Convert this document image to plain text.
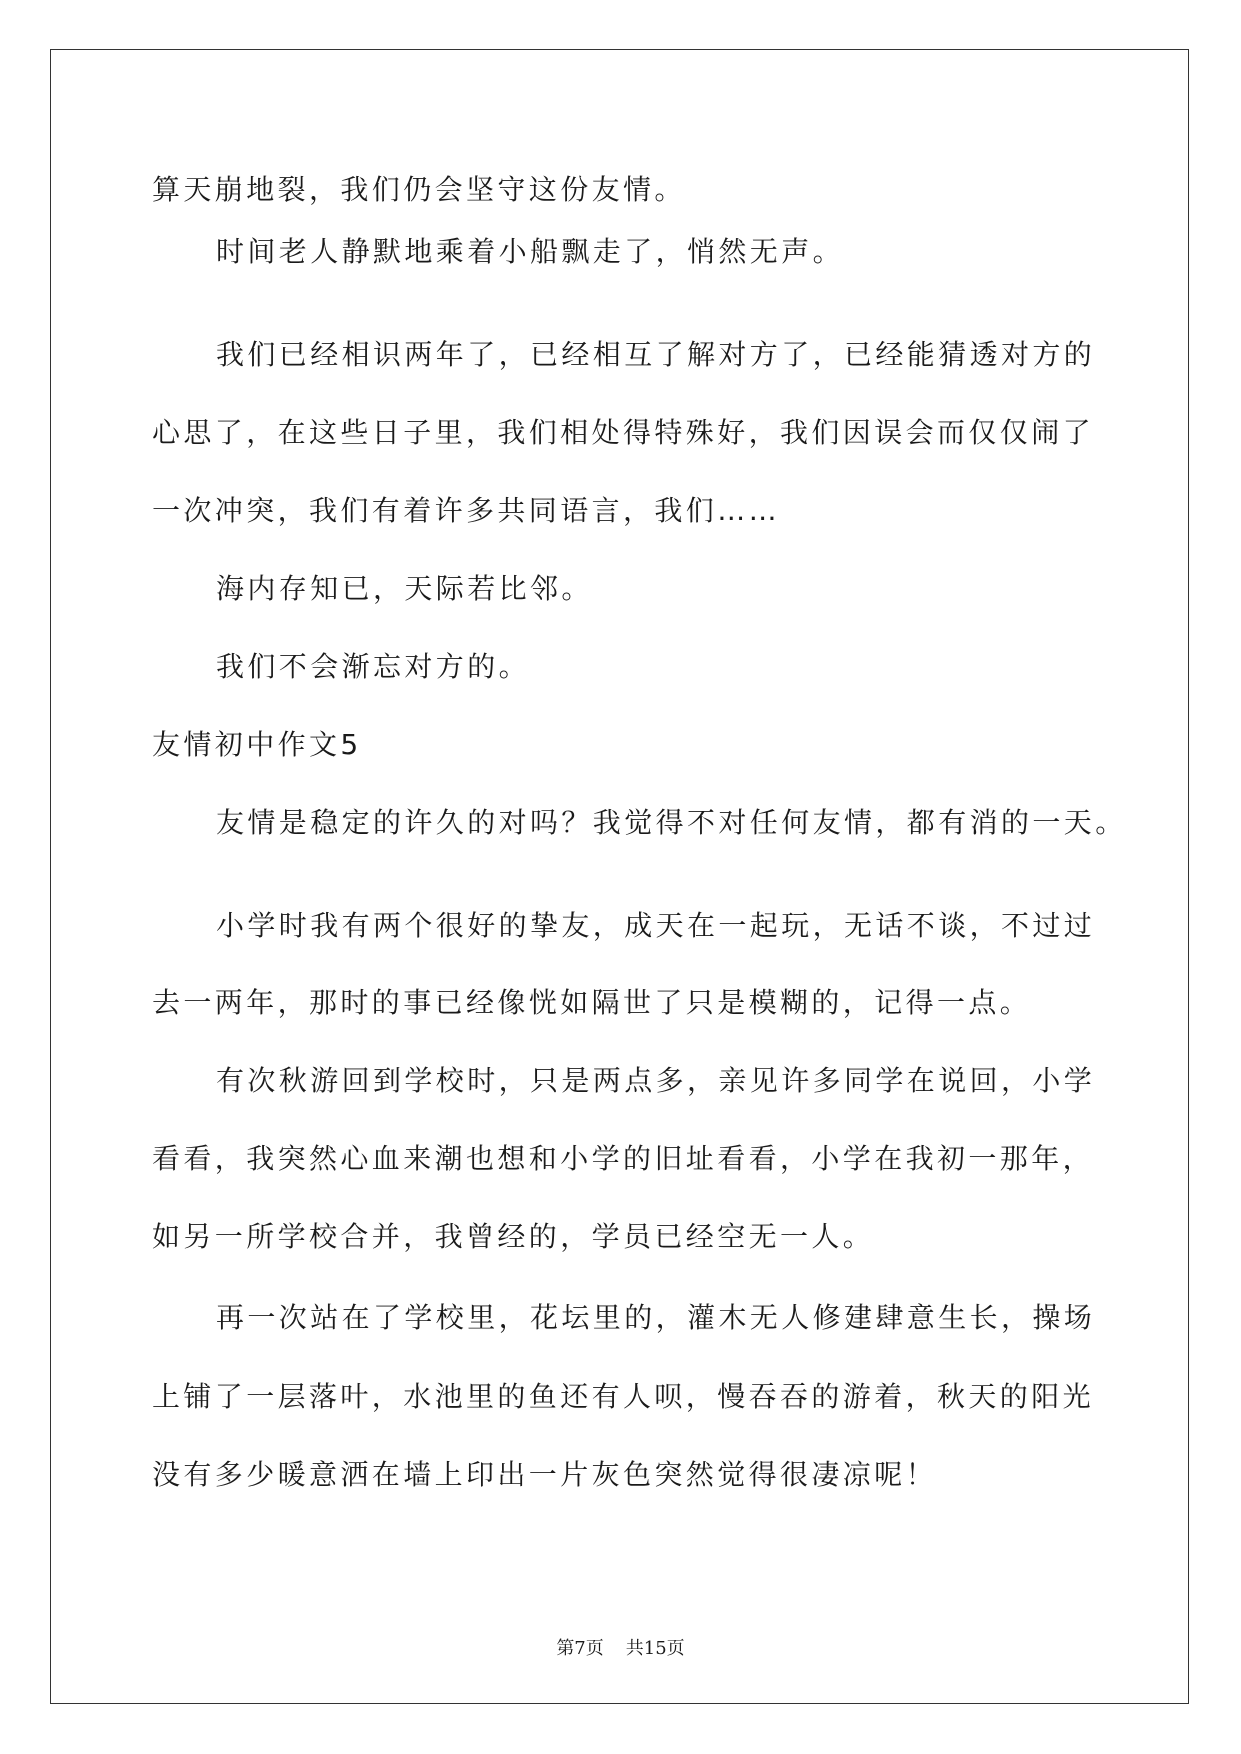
算天崩地裂，我们仍会坚守这份友情。
时间老人静默地乘着小船飘走了，悄然无声。
我们已经相识两年了，已经相互了解对方了，已经能猜透对方的
心思了，在这些日子里，我们相处得特殊好，我们因误会而仅仅闹了
一次冲突，我们有着许多共同语言，我们……
海内存知已，天际若比邻。
我们不会渐忘对方的。
友情初中作文5
友情是稳定的许久的对吗？我觉得不对任何友情，都有消的一天。
小学时我有两个很好的挚友，成天在一起玩，无话不谈，不过过
去一两年，那时的事已经像恍如隔世了只是模糊的，记得一点。
有次秋游回到学校时，只是两点多，亲见许多同学在说回，小学
看看，我突然心血来潮也想和小学的旧址看看，小学在我初一那年，
如另一所学校合并，我曾经的，学员已经空无一人。
再一次站在了学校里，花坛里的，灌木无人修建肆意生长，操场
上铺了一层落叶，水池里的鱼还有人呗，慢吞吞的游着，秋天的阳光
没有多少暖意洒在墙上印出一片灰色突然觉得很凄凉呢！
第7页 共15页
